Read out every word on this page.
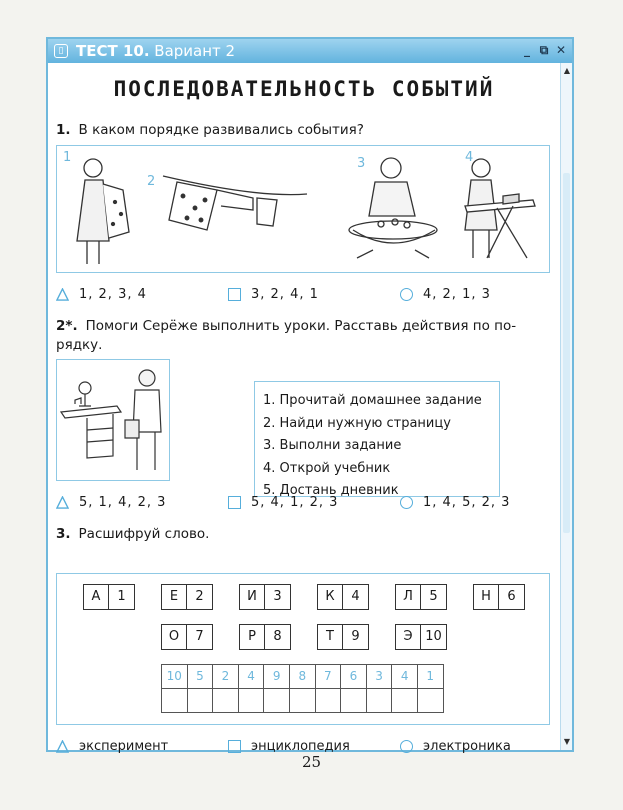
▯ ТЕСТ 10. Вариант 2	_ ⧉ ✕
▲
▼
ПОСЛЕДОВАТЕЛЬНОСТЬ СОБЫТИЙ
1. В каком порядке развивались события?
1
2
3	4
1, 2, 3, 4	3, 2, 4, 1	4, 2, 1, 3
2*. Помоги Серёже выполнить уроки. Расставь действия по по-
рядку.
1. Прочитай домашнее задание
2. Найди нужную страницу
3. Выполни задание
4. Открой учебник
5. Достань дневник
5, 1, 4, 2, 3	5, 4, 1, 2, 3	1, 4, 5, 2, 3
3. Расшифруй слово.
А	1	Е	2	И	3	К	4	Л	5	Н	6
О	7	Р	8	Т	9	Э 10
10	5	2	4	9	8	7	6	3	4	1
эксперимент	энциклопедия	электроника
25
